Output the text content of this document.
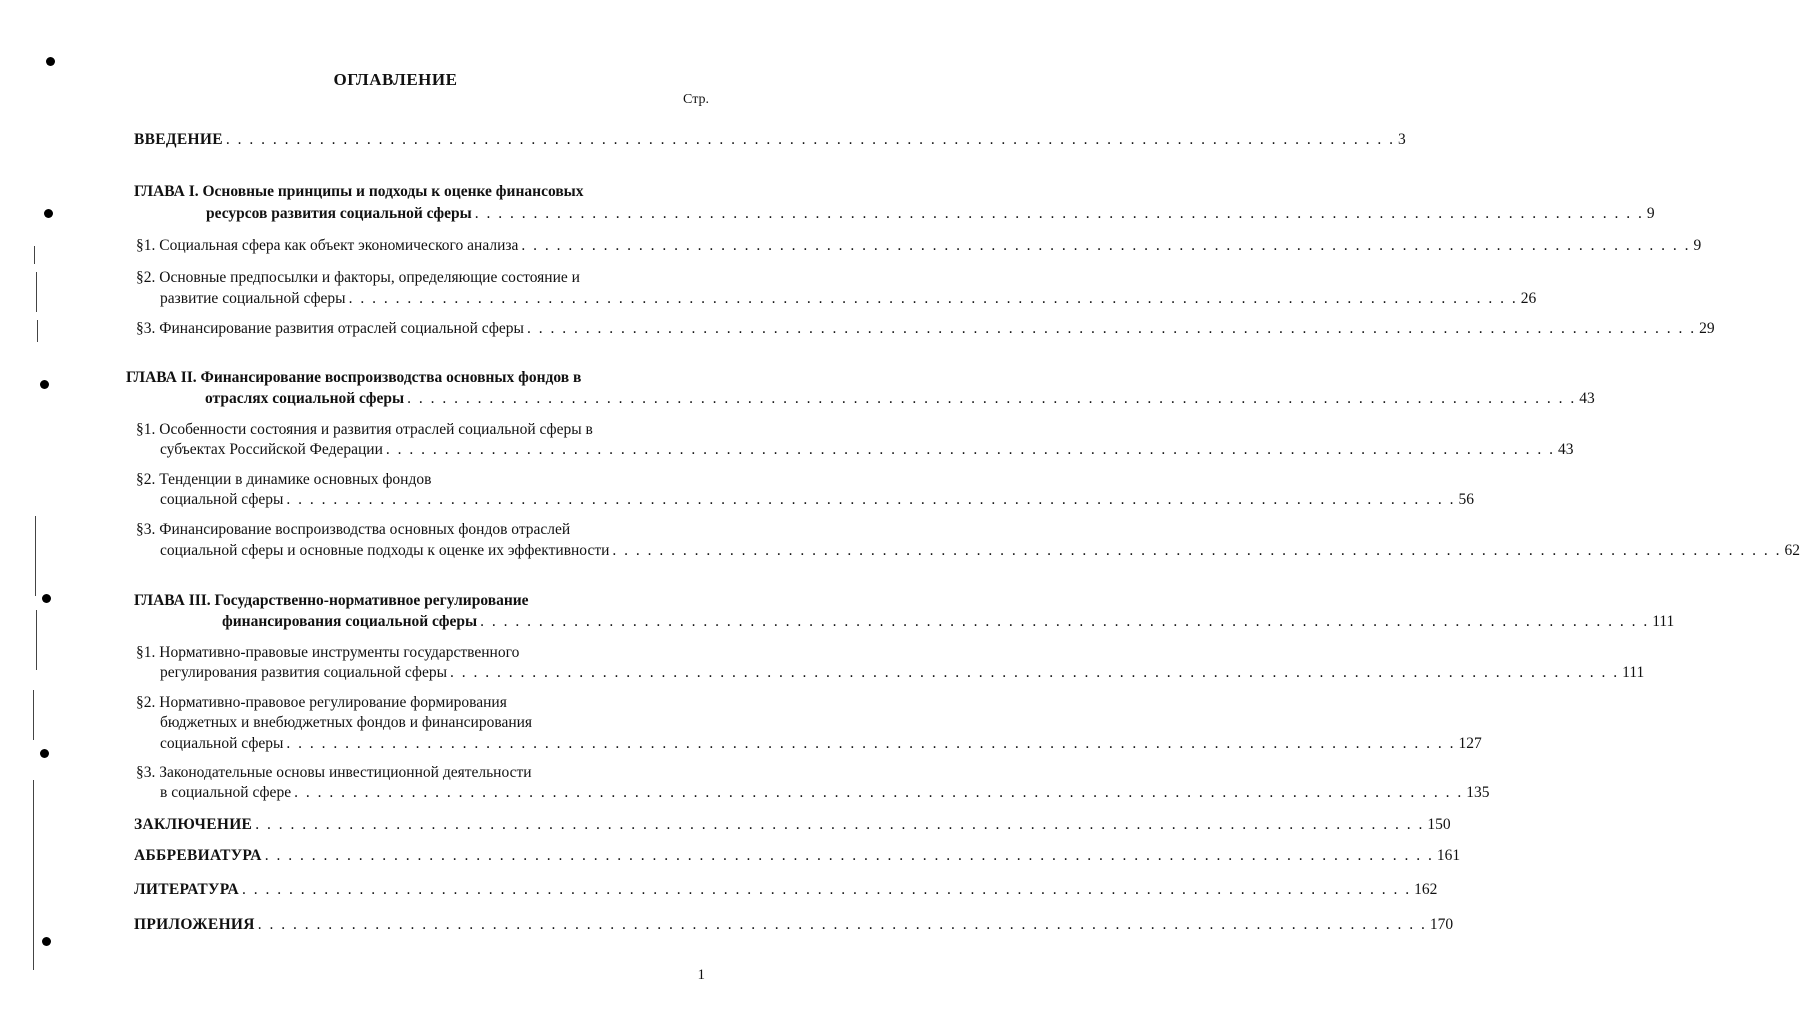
ОГЛАВЛЕНИЕ
Стр.
ВВЕДЕНИЕ . . . . . . . . . . . . . . . . . . . . . . . . . . . . . . . . . . . . . . . . . . . . . . . . . . . . . . . . . . . . . . . . . . . . . . . . . . . . . . . . . . . . . . . . . . . . . . . . . . . . 3
ГЛАВА I. Основные принципы и подходы к оценке финансовых
ресурсов развития социальной сферы . . . . . . . . . . . . . . . . . . . . . . . . . . . . . . . . . . . . . . . . . . . . . . . . . . . . . . . . . . . . . . . . . . . . . . . . . . . . . . . . . . . . . . . . . . . . . . . . . . . . 9
§1. Социальная сфера как объект экономического анализа . . . . . . . . . . . . . . . . . . . . . . . . . . . . . . . . . . . . . . . . . . . . . . . . . . . . . . . . . . . . . . . . . . . . . . . . . . . . . . . . . . . . . . . . . . . . . . . . . . . . 9
§2. Основные предпосылки и факторы, определяющие состояние и
развитие социальной сферы . . . . . . . . . . . . . . . . . . . . . . . . . . . . . . . . . . . . . . . . . . . . . . . . . . . . . . . . . . . . . . . . . . . . . . . . . . . . . . . . . . . . . . . . . . . . . . . . . . . . 26
§3. Финансирование развития отраслей социальной сферы . . . . . . . . . . . . . . . . . . . . . . . . . . . . . . . . . . . . . . . . . . . . . . . . . . . . . . . . . . . . . . . . . . . . . . . . . . . . . . . . . . . . . . . . . . . . . . . . . . . . 29
ГЛАВА II. Финансирование воспроизводства основных фондов в
отраслях социальной сферы . . . . . . . . . . . . . . . . . . . . . . . . . . . . . . . . . . . . . . . . . . . . . . . . . . . . . . . . . . . . . . . . . . . . . . . . . . . . . . . . . . . . . . . . . . . . . . . . . . . . 43
§1. Особенности состояния и развития отраслей социальной сферы в
субъектах Российской Федерации . . . . . . . . . . . . . . . . . . . . . . . . . . . . . . . . . . . . . . . . . . . . . . . . . . . . . . . . . . . . . . . . . . . . . . . . . . . . . . . . . . . . . . . . . . . . . . . . . . . . 43
§2. Тенденции в динамике основных фондов
социальной сферы . . . . . . . . . . . . . . . . . . . . . . . . . . . . . . . . . . . . . . . . . . . . . . . . . . . . . . . . . . . . . . . . . . . . . . . . . . . . . . . . . . . . . . . . . . . . . . . . . . . . 56
§3. Финансирование воспроизводства основных фондов отраслей
социальной сферы и основные подходы к оценке их эффективности . . . . . . . . . . . . . . . . . . . . . . . . . . . . . . . . . . . . . . . . . . . . . . . . . . . . . . . . . . . . . . . . . . . . . . . . . . . . . . . . . . . . . . . . . . . . . . . . . . . . 62
ГЛАВА III. Государственно-нормативное регулирование
финансирования социальной сферы . . . . . . . . . . . . . . . . . . . . . . . . . . . . . . . . . . . . . . . . . . . . . . . . . . . . . . . . . . . . . . . . . . . . . . . . . . . . . . . . . . . . . . . . . . . . . . . . . . . . 111
§1. Нормативно-правовые инструменты государственного
регулирования развития социальной сферы . . . . . . . . . . . . . . . . . . . . . . . . . . . . . . . . . . . . . . . . . . . . . . . . . . . . . . . . . . . . . . . . . . . . . . . . . . . . . . . . . . . . . . . . . . . . . . . . . . . . 111
§2. Нормативно-правовое регулирование формирования
бюджетных и внебюджетных фондов и финансирования
социальной сферы . . . . . . . . . . . . . . . . . . . . . . . . . . . . . . . . . . . . . . . . . . . . . . . . . . . . . . . . . . . . . . . . . . . . . . . . . . . . . . . . . . . . . . . . . . . . . . . . . . . . 127
§3. Законодательные основы инвестиционной деятельности
в социальной сфере . . . . . . . . . . . . . . . . . . . . . . . . . . . . . . . . . . . . . . . . . . . . . . . . . . . . . . . . . . . . . . . . . . . . . . . . . . . . . . . . . . . . . . . . . . . . . . . . . . . . 135
ЗАКЛЮЧЕНИЕ . . . . . . . . . . . . . . . . . . . . . . . . . . . . . . . . . . . . . . . . . . . . . . . . . . . . . . . . . . . . . . . . . . . . . . . . . . . . . . . . . . . . . . . . . . . . . . . . . . . . 150
АББРЕВИАТУРА . . . . . . . . . . . . . . . . . . . . . . . . . . . . . . . . . . . . . . . . . . . . . . . . . . . . . . . . . . . . . . . . . . . . . . . . . . . . . . . . . . . . . . . . . . . . . . . . . . . . 161
ЛИТЕРАТУРА . . . . . . . . . . . . . . . . . . . . . . . . . . . . . . . . . . . . . . . . . . . . . . . . . . . . . . . . . . . . . . . . . . . . . . . . . . . . . . . . . . . . . . . . . . . . . . . . . . . . 162
ПРИЛОЖЕНИЯ . . . . . . . . . . . . . . . . . . . . . . . . . . . . . . . . . . . . . . . . . . . . . . . . . . . . . . . . . . . . . . . . . . . . . . . . . . . . . . . . . . . . . . . . . . . . . . . . . . . . 170
1
